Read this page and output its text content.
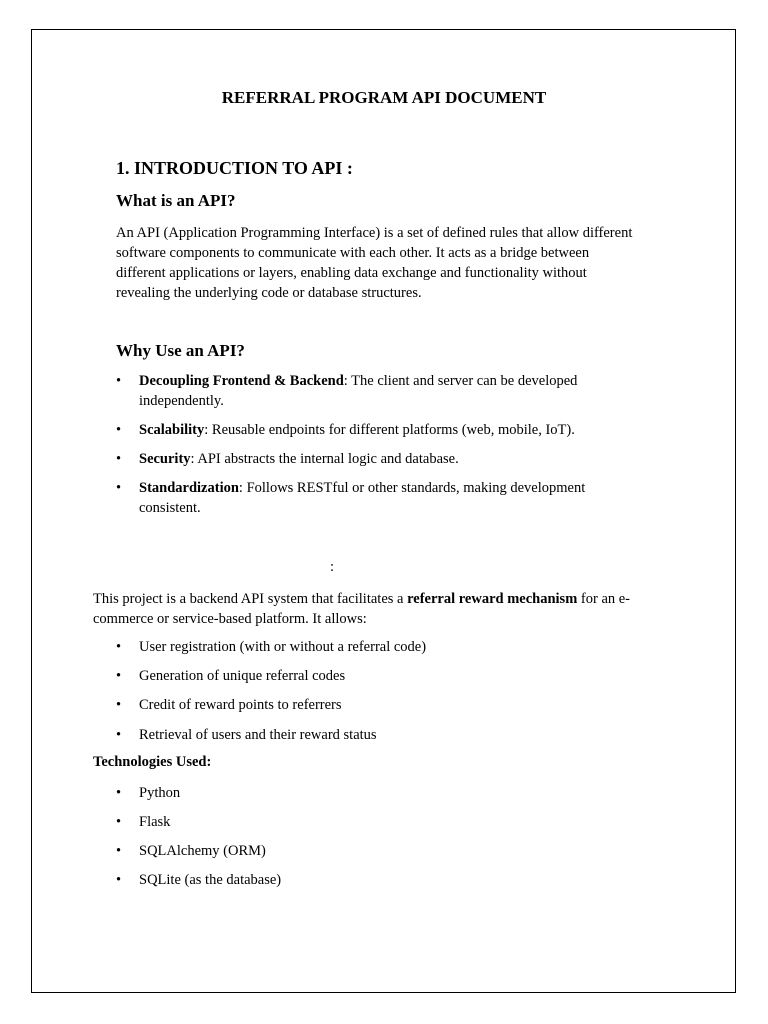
REFERRAL PROGRAM API DOCUMENT
1. INTRODUCTION TO API :
What is an API?
An API (Application Programming Interface) is a set of defined rules that allow different
software components to communicate with each other. It acts as a bridge between
different applications or layers, enabling data exchange and functionality without
revealing the underlying code or database structures.
Why Use an API?
•	Decoupling Frontend & Backend: The client and server can be developed
independently.
•	Scalability: Reusable endpoints for different platforms (web, mobile, IoT).
•	Security: API abstracts the internal logic and database.
•	Standardization: Follows RESTful or other standards, making development
consistent.
:
This project is a backend API system that facilitates a referral reward mechanism for an e-
commerce or service-based platform. It allows:
•	User registration (with or without a referral code)
•	Generation of unique referral codes
•	Credit of reward points to referrers
•	Retrieval of users and their reward status
Technologies Used:
•	Python
•	Flask
•	SQLAlchemy (ORM)
•	SQLite (as the database)
